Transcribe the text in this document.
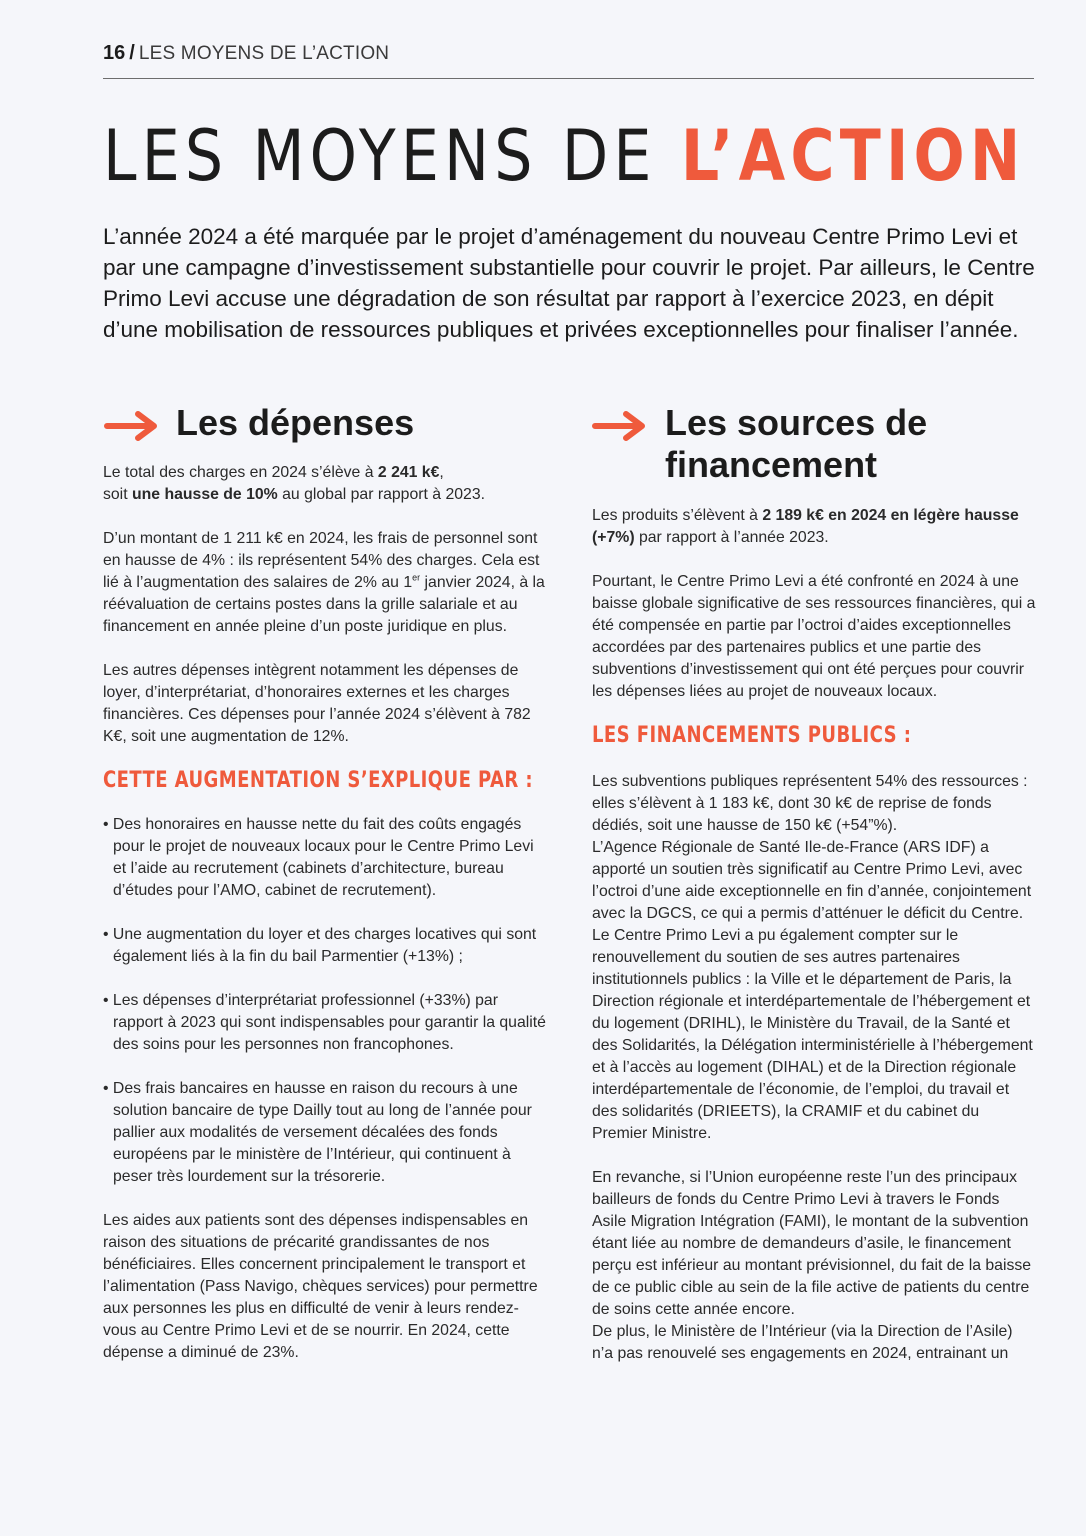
16 / LES MOYENS DE L’ACTION
LES MOYENS DE L’ACTION

L’année 2024 a été marquée par le projet d’aménagement du nouveau Centre Primo Levi et par une campagne d’investissement substantielle pour couvrir le projet. Par ailleurs, le Centre Primo Levi accuse une dégradation de son résultat par rapport à l’exercice 2023, en dépit d’une mobilisation de ressources publiques et privées exceptionnelles pour finaliser l’année.

Les dépenses	Les sources de
financement

Le total des charges en 2024 s’élève à 2 241 k€,
soit une hausse de 10% au global par rapport à 2023.

D’un montant de 1 211 k€ en 2024, les frais de personnel sont en hausse de 4% : ils représentent 54% des charges. Cela est lié à l’augmentation des salaires de 2% au 1er janvier 2024, à la réévaluation de certains postes dans la grille salariale et au financement en année pleine d’un poste juridique en plus.

Les autres dépenses intègrent notamment les dépenses de loyer, d’interprétariat, d’honoraires externes et les charges financières. Ces dépenses pour l’année 2024 s’élèvent à 782 K€, soit une augmentation de 12%.

CETTE AUGMENTATION S’EXPLIQUE PAR :

• Des honoraires en hausse nette du fait des coûts engagés pour le projet de nouveaux locaux pour le Centre Primo Levi et l’aide au recrutement (cabinets d’architecture, bureau d’études pour l’AMO, cabinet de recrutement).

• Une augmentation du loyer et des charges locatives qui sont également liés à la fin du bail Parmentier (+13%) ;

• Les dépenses d’interprétariat professionnel (+33%) par rapport à 2023 qui sont indispensables pour garantir la qualité des soins pour les personnes non francophones.

• Des frais bancaires en hausse en raison du recours à une solution bancaire de type Dailly tout au long de l’année pour pallier aux modalités de versement décalées des fonds européens par le ministère de l’Intérieur, qui continuent à peser très lourdement sur la trésorerie.

Les aides aux patients sont des dépenses indispensables en raison des situations de précarité grandissantes de nos bénéficiaires. Elles concernent principalement le transport et l’alimentation (Pass Navigo, chèques services) pour permettre aux personnes les plus en difficulté de venir à leurs rendez-vous au Centre Primo Levi et de se nourrir. En 2024, cette dépense a diminué de 23%.

Les produits s’élèvent à 2 189 k€ en 2024 en légère hausse (+7%) par rapport à l’année 2023.

Pourtant, le Centre Primo Levi a été confronté en 2024 à une baisse globale significative de ses ressources financières, qui a été compensée en partie par l’octroi d’aides exceptionnelles accordées par des partenaires publics et une partie des subventions d’investissement qui ont été perçues pour couvrir les dépenses liées au projet de nouveaux locaux.

LES FINANCEMENTS PUBLICS :
Les subventions publiques représentent 54% des ressources : elles s’élèvent à 1 183 k€, dont 30 k€ de reprise de fonds dédiés, soit une hausse de 150 k€ (+54”%).
L’Agence Régionale de Santé Ile-de-France (ARS IDF) a apporté un soutien très significatif au Centre Primo Levi, avec l’octroi d’une aide exceptionnelle en fin d’année, conjointement avec la DGCS, ce qui a permis d’atténuer le déficit du Centre.

Le Centre Primo Levi a pu également compter sur le renouvellement du soutien de ses autres partenaires institutionnels publics : la Ville et le département de Paris, la Direction régionale et interdépartementale de l’hébergement et du logement (DRIHL), le Ministère du Travail, de la Santé et des Solidarités, la Délégation interministérielle à l’hébergement et à l’accès au logement (DIHAL) et de la Direction régionale interdépartementale de l’économie, de l’emploi, du travail et des solidarités (DRIEETS), la CRAMIF et du cabinet du Premier Ministre.

En revanche, si l’Union européenne reste l’un des principaux bailleurs de fonds du Centre Primo Levi à travers le Fonds Asile Migration Intégration (FAMI), le montant de la subvention étant liée au nombre de demandeurs d’asile, le financement perçu est inférieur au montant prévisionnel, du fait de la baisse de ce public cible au sein de la file active de patients du centre de soins cette année encore.
De plus, le Ministère de l’Intérieur (via la Direction de l’Asile) n’a pas renouvelé ses engagements en 2024, entrainant un
